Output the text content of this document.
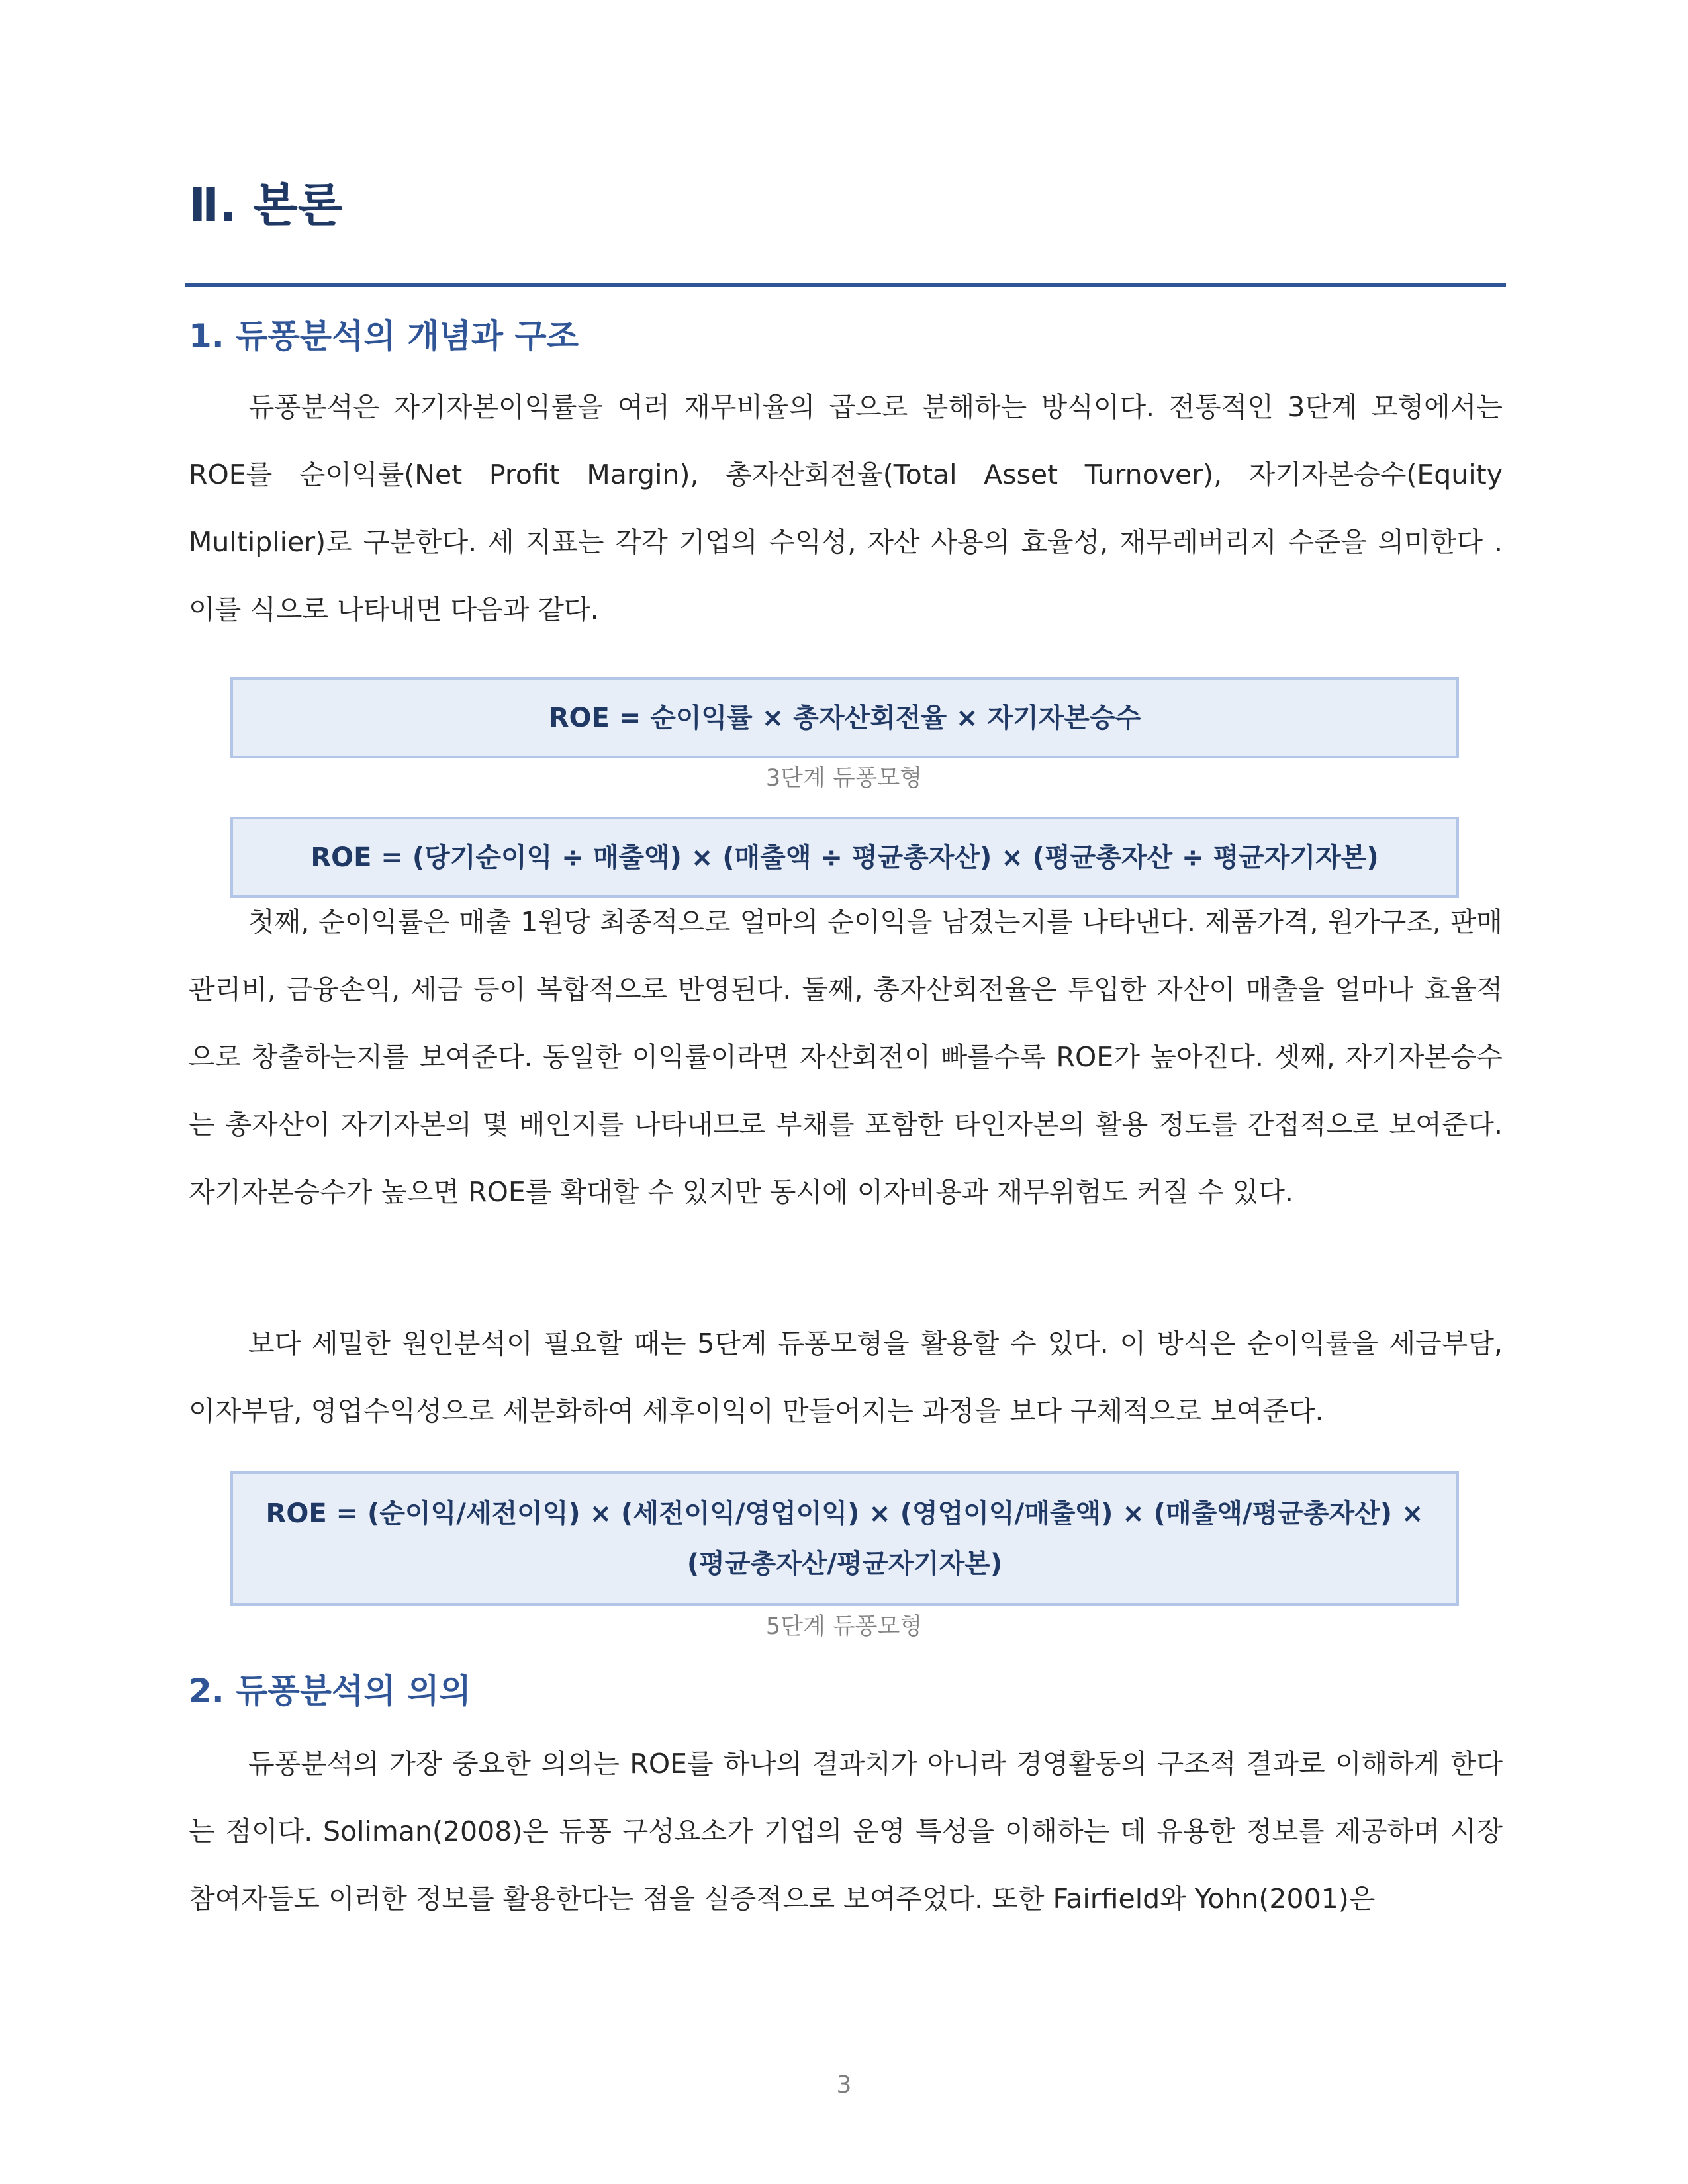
Ⅱ. 본론
1. 듀퐁분석의 개념과 구조

듀퐁분석은 자기자본이익률을 여러 재무비율의 곱으로 분해하는 방식이다. 전통적인 3단계 모형에서는 ROE를 순이익률(Net Profit Margin), 총자산회전율(Total Asset Turnover), 자기자본승수(Equity Multiplier)로 구분한다. 세 지표는 각각 기업의 수익성, 자산 사용의 효율성, 재무레버리지 수준을 의미한다 . 이를 식으로 나타내면 다음과 같다.

ROE = 순이익률 × 총자산회전율 × 자기자본승수

3단계 듀퐁모형

ROE = (당기순이익 ÷ 매출액) × (매출액 ÷ 평균총자산) × (평균총자산 ÷ 평균자기자본)

첫째, 순이익률은 매출 1원당 최종적으로 얼마의 순이익을 남겼는지를 나타낸다. 제품가격, 원가구조, 판매관리비, 금융손익, 세금 등이 복합적으로 반영된다. 둘째, 총자산회전율은 투입한 자산이 매출을 얼마나 효율적으로 창출하는지를 보여준다. 동일한 이익률이라면 자산회전이 빠를수록 ROE가 높아진다. 셋째, 자기자본승수는 총자산이 자기자본의 몇 배인지를 나타내므로 부채를 포함한 타인자본의 활용 정도를 간접적으로 보여준다. 자기자본승수가 높으면 ROE를 확대할 수 있지만 동시에 이자비용과 재무위험도 커질 수 있다.

보다 세밀한 원인분석이 필요할 때는 5단계 듀퐁모형을 활용할 수 있다. 이 방식은 순이익률을 세금부담, 이자부담, 영업수익성으로 세분화하여 세후이익이 만들어지는 과정을 보다 구체적으로 보여준다.

ROE = (순이익/세전이익) × (세전이익/영업이익) × (영업이익/매출액) × (매출액/평균총자산) × (평균총자산/평균자기자본)

5단계 듀퐁모형

2. 듀퐁분석의 의의

듀퐁분석의 가장 중요한 의의는 ROE를 하나의 결과치가 아니라 경영활동의 구조적 결과로 이해하게 한다는 점이다. Soliman(2008)은 듀퐁 구성요소가 기업의 운영 특성을 이해하는 데 유용한 정보를 제공하며 시장참여자들도 이러한 정보를 활용한다는 점을 실증적으로 보여주었다. 또한 Fairfield와 Yohn(2001)은

3
